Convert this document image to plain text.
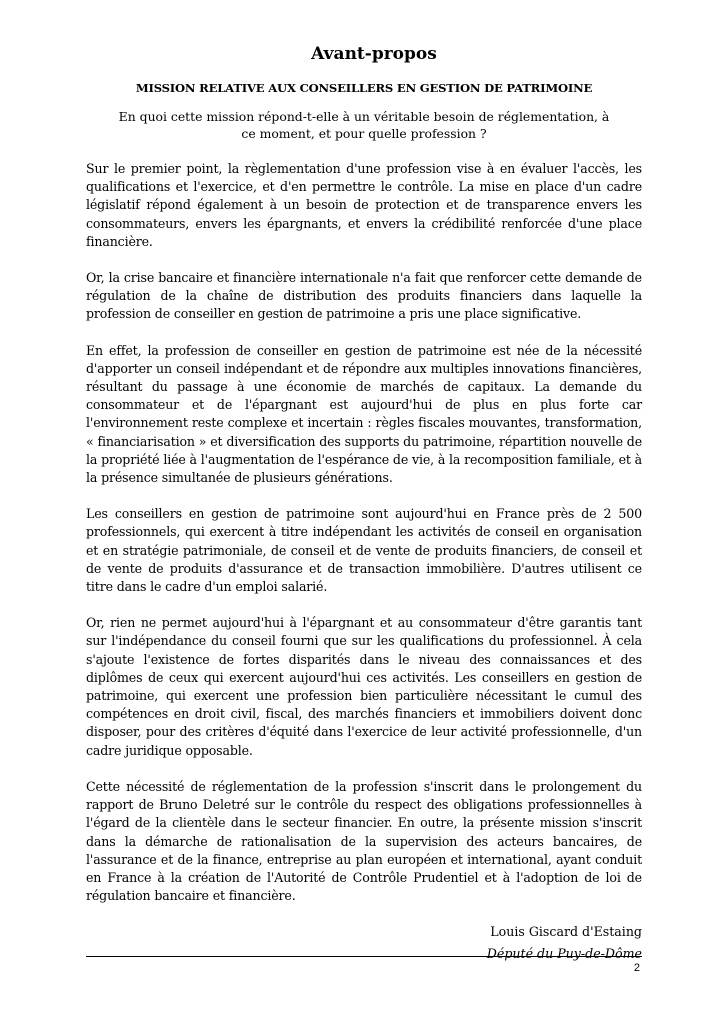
Avant-propos
MISSION RELATIVE AUX CONSEILLERS EN GESTION DE PATRIMOINE
En quoi cette mission répond-t-elle à un véritable besoin de réglementation, à ce moment, et pour quelle profession ?

Sur le premier point, la règlementation d'une profession vise à en évaluer l'accès, les qualifications et l'exercice, et d'en permettre le contrôle. La mise en place d'un cadre législatif répond également à un besoin de protection et de transparence envers les consommateurs, envers les épargnants, et envers la crédibilité renforcée d'une place financière.

Or, la crise bancaire et financière internationale n'a fait que renforcer cette demande de régulation de la chaîne de distribution des produits financiers dans laquelle la profession de conseiller en gestion de patrimoine a pris une place significative.

En effet, la profession de conseiller en gestion de patrimoine est née de la nécessité d'apporter un conseil indépendant et de répondre aux multiples innovations financières, résultant du passage à une économie de marchés de capitaux. La demande du consommateur et de l'épargnant est aujourd'hui de plus en plus forte car l'environnement reste complexe et incertain : règles fiscales mouvantes, transformation, « financiarisation » et diversification des supports du patrimoine, répartition nouvelle de la propriété liée à l'augmentation de l'espérance de vie, à la recomposition familiale, et à la présence simultanée de plusieurs générations.

Les conseillers en gestion de patrimoine sont aujourd'hui en France près de 2 500 professionnels, qui exercent à titre indépendant les activités de conseil en organisation et en stratégie patrimoniale, de conseil et de vente de produits financiers, de conseil et de vente de produits d'assurance et de transaction immobilière. D'autres utilisent ce titre dans le cadre d'un emploi salarié.

Or, rien ne permet aujourd'hui à l'épargnant et au consommateur d'être garantis tant sur l'indépendance du conseil fourni que sur les qualifications du professionnel. À cela s'ajoute l'existence de fortes disparités dans le niveau des connaissances et des diplômes de ceux qui exercent aujourd'hui ces activités. Les conseillers en gestion de patrimoine, qui exercent une profession bien particulière nécessitant le cumul des compétences en droit civil, fiscal, des marchés financiers et immobiliers doivent donc disposer, pour des critères d'équité dans l'exercice de leur activité professionnelle, d'un cadre juridique opposable.

Cette nécessité de réglementation de la profession s'inscrit dans le prolongement du rapport de Bruno Deletré sur le contrôle du respect des obligations professionnelles à l'égard de la clientèle dans le secteur financier. En outre, la présente mission s'inscrit dans la démarche de rationalisation de la supervision des acteurs bancaires, de l'assurance et de la finance, entreprise au plan européen et international, ayant conduit en France à la création de l'Autorité de Contrôle Prudentiel et à l'adoption de loi de régulation bancaire et financière.

Louis Giscard d'Estaing
Député du Puy-de-Dôme
2
